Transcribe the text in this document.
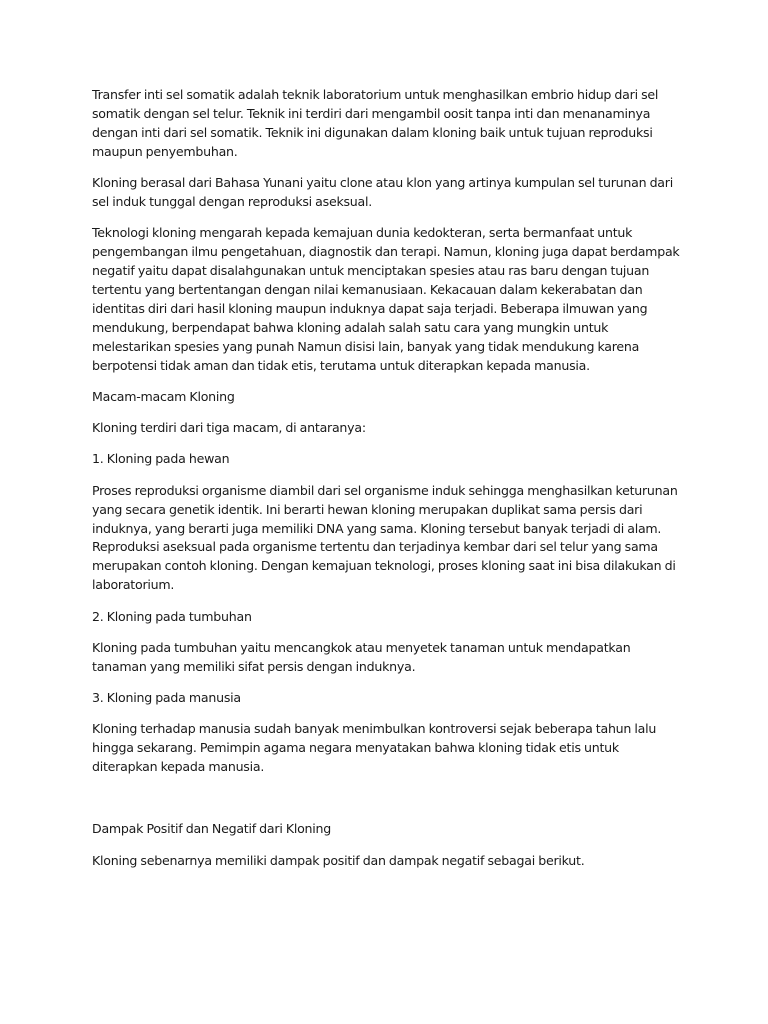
Transfer inti sel somatik adalah teknik laboratorium untuk menghasilkan embrio hidup dari sel somatik dengan sel telur. Teknik ini terdiri dari mengambil oosit tanpa inti dan menanaminya dengan inti dari sel somatik. Teknik ini digunakan dalam kloning baik untuk tujuan reproduksi maupun penyembuhan.

Kloning berasal dari Bahasa Yunani yaitu clone atau klon yang artinya kumpulan sel turunan dari sel induk tunggal dengan reproduksi aseksual.

Teknologi kloning mengarah kepada kemajuan dunia kedokteran, serta bermanfaat untuk pengembangan ilmu pengetahuan, diagnostik dan terapi. Namun, kloning juga dapat berdampak negatif yaitu dapat disalahgunakan untuk menciptakan spesies atau ras baru dengan tujuan tertentu yang bertentangan dengan nilai kemanusiaan. Kekacauan dalam kekerabatan dan identitas diri dari hasil kloning maupun induknya dapat saja terjadi. Beberapa ilmuwan yang mendukung, berpendapat bahwa kloning adalah salah satu cara yang mungkin untuk melestarikan spesies yang punah Namun disisi lain, banyak yang tidak mendukung karena berpotensi tidak aman dan tidak etis, terutama untuk diterapkan kepada manusia.

Macam-macam Kloning

Kloning terdiri dari tiga macam, di antaranya:

1. Kloning pada hewan

Proses reproduksi organisme diambil dari sel organisme induk sehingga menghasilkan keturunan yang secara genetik identik. Ini berarti hewan kloning merupakan duplikat sama persis dari induknya, yang berarti juga memiliki DNA yang sama. Kloning tersebut banyak terjadi di alam. Reproduksi aseksual pada organisme tertentu dan terjadinya kembar dari sel telur yang sama merupakan contoh kloning. Dengan kemajuan teknologi, proses kloning saat ini bisa dilakukan di laboratorium.

2. Kloning pada tumbuhan

Kloning pada tumbuhan yaitu mencangkok atau menyetek tanaman untuk mendapatkan tanaman yang memiliki sifat persis dengan induknya.

3. Kloning pada manusia

Kloning terhadap manusia sudah banyak menimbulkan kontroversi sejak beberapa tahun lalu hingga sekarang. Pemimpin agama negara menyatakan bahwa kloning tidak etis untuk diterapkan kepada manusia.

Dampak Positif dan Negatif dari Kloning

Kloning sebenarnya memiliki dampak positif dan dampak negatif sebagai berikut.
